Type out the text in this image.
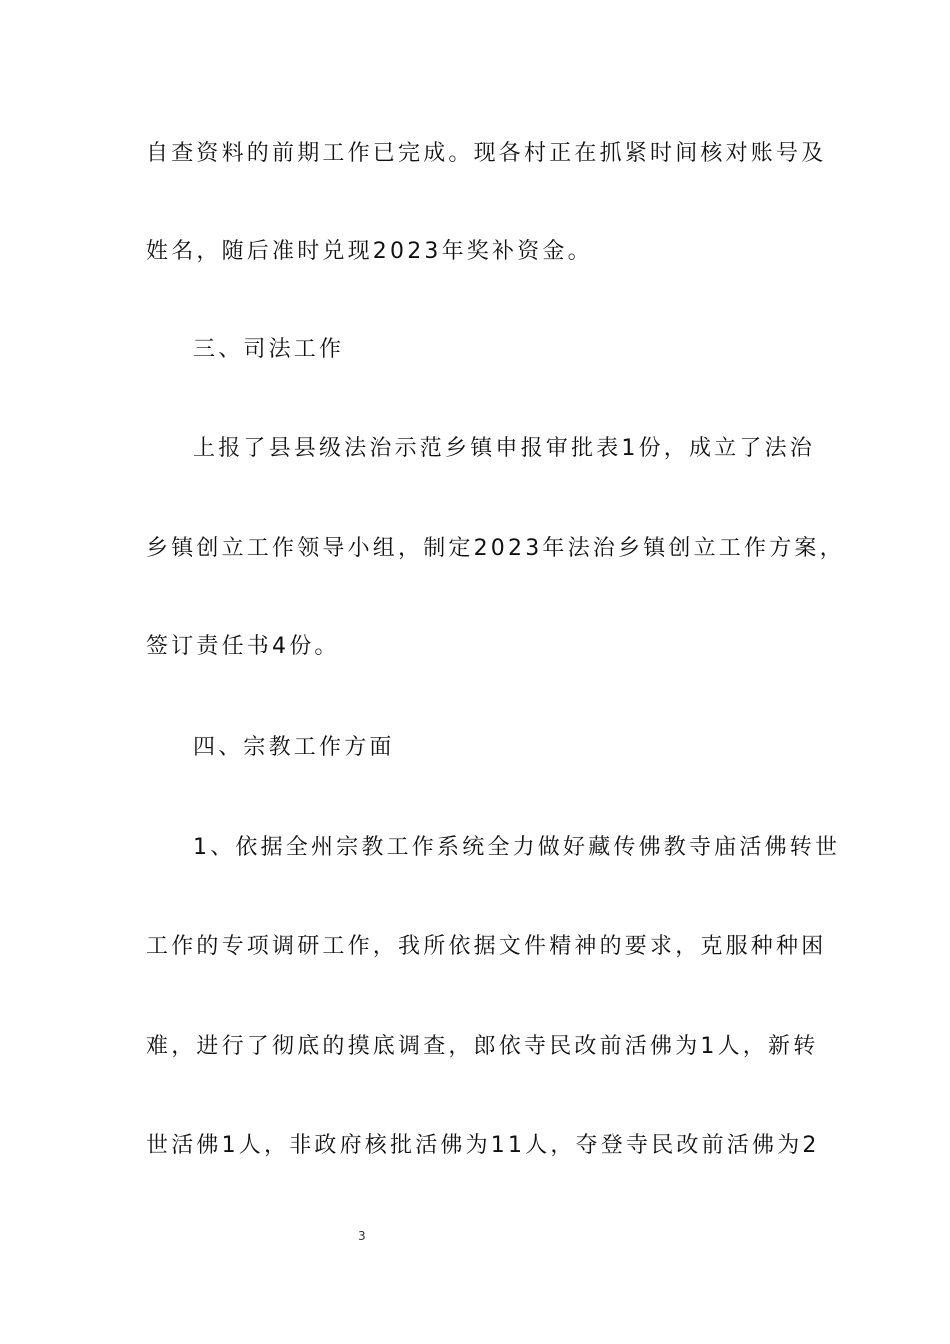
自查资料的前期工作已完成。现各村正在抓紧时间核对账号及
姓名，随后准时兑现2023年奖补资金。
三、司法工作
上报了县县级法治示范乡镇申报审批表1份，成立了法治
乡镇创立工作领导小组，制定2023年法治乡镇创立工作方案，
签订责任书4份。
四、宗教工作方面
1、依据全州宗教工作系统全力做好藏传佛教寺庙活佛转世
工作的专项调研工作，我所依据文件精神的要求，克服种种困
难，进行了彻底的摸底调查，郎依寺民改前活佛为1人，新转
世活佛1人，非政府核批活佛为11人，夺登寺民改前活佛为2
3
